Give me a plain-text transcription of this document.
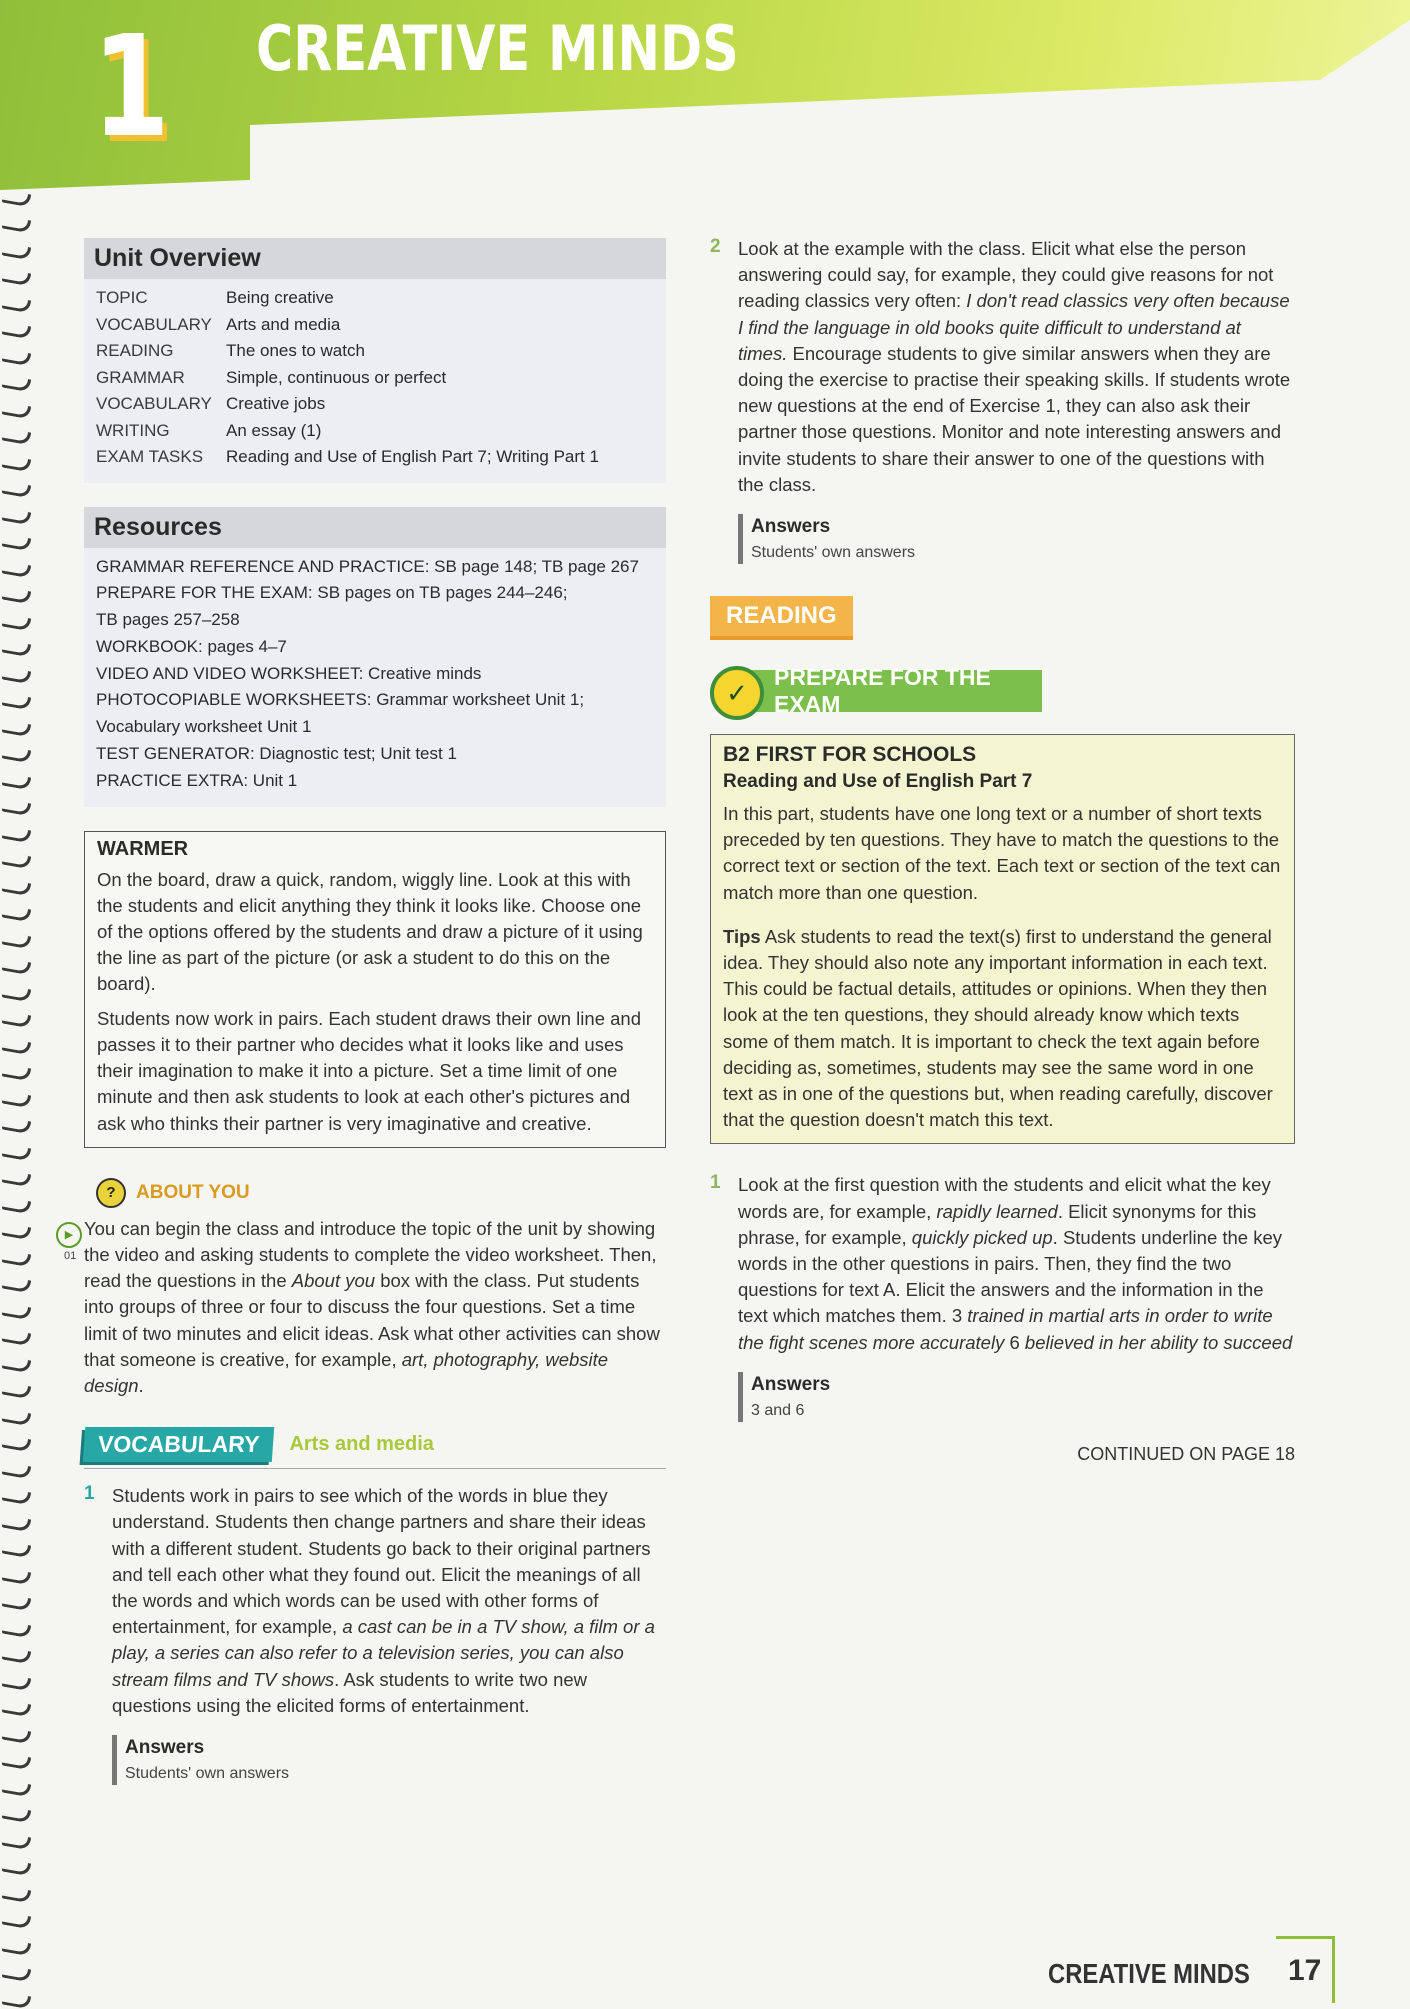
1 CREATIVE MINDS
Unit Overview
TOPIC	Being creative
VOCABULARY Arts and media
READING	The ones to watch
GRAMMAR	Simple, continuous or perfect
VOCABULARY Creative jobs
WRITING	An essay (1)
EXAM TASKS	Reading and Use of English Part 7; Writing Part 1
Resources
GRAMMAR REFERENCE AND PRACTICE: SB page 148; TB page 267
PREPARE FOR THE EXAM: SB pages on TB pages 244–246;
TB pages 257–258
WORKBOOK: pages 4–7
VIDEO AND VIDEO WORKSHEET: Creative minds
PHOTOCOPIABLE WORKSHEETS: Grammar worksheet Unit 1;
Vocabulary worksheet Unit 1
TEST GENERATOR: Diagnostic test; Unit test 1
PRACTICE EXTRA: Unit 1
WARMER
On the board, draw a quick, random, wiggly line. Look at this with the students and elicit anything they think it looks like. Choose one of the options offered by the students and draw a picture of it using the line as part of the picture (or ask a student to do this on the board).
Students now work in pairs. Each student draws their own line and passes it to their partner who decides what it looks like and uses their imagination to make it into a picture. Set a time limit of one minute and then ask students to look at each other's pictures and ask who thinks their partner is very imaginative and creative.
?	ABOUT YOU
▶
01
You can begin the class and introduce the topic of the unit by showing the video and asking students to complete the video worksheet. Then, read the questions in the About you box with the class. Put students into groups of three or four to discuss the four questions. Set a time limit of two minutes and elicit ideas. Ask what other activities can show that someone is creative, for example, art, photography, website design.
VOCABULARY	Arts and media
1 Students work in pairs to see which of the words in blue they understand. Students then change partners and share their ideas with a different student. Students go back to their original partners and tell each other what they found out. Elicit the meanings of all the words and which words can be used with other forms of entertainment, for example, a cast can be in a TV show, a film or a play, a series can also refer to a television series, you can also stream films and TV shows. Ask students to write two new questions using the elicited forms of entertainment.
Answers
Students' own answers
2 Look at the example with the class. Elicit what else the person answering could say, for example, they could give reasons for not reading classics very often: I don't read classics very often because I find the language in old books quite difficult to understand at times. Encourage students to give similar answers when they are doing the exercise to practise their speaking skills. If students wrote new questions at the end of Exercise 1, they can also ask their partner those questions. Monitor and note interesting answers and invite students to share their answer to one of the questions with the class.
Answers
Students' own answers
READING
PREPARE FOR THE EXAM
✓
B2 FIRST FOR SCHOOLS
Reading and Use of English Part 7
In this part, students have one long text or a number of short texts preceded by ten questions. They have to match the questions to the correct text or section of the text. Each text or section of the text can match more than one question.
Tips Ask students to read the text(s) first to understand the general idea. They should also note any important information in each text. This could be factual details, attitudes or opinions. When they then look at the ten questions, they should already know which texts some of them match. It is important to check the text again before deciding as, sometimes, students may see the same word in one text as in one of the questions but, when reading carefully, discover that the question doesn't match this text.
1 Look at the first question with the students and elicit what the key words are, for example, rapidly learned. Elicit synonyms for this phrase, for example, quickly picked up. Students underline the key words in the other questions in pairs. Then, they find the two questions for text A. Elicit the answers and the information in the text which matches them. 3 trained in martial arts in order to write the fight scenes more accurately 6 believed in her ability to succeed
Answers
3 and 6
CONTINUED ON PAGE 18
CREATIVE MINDS 17
